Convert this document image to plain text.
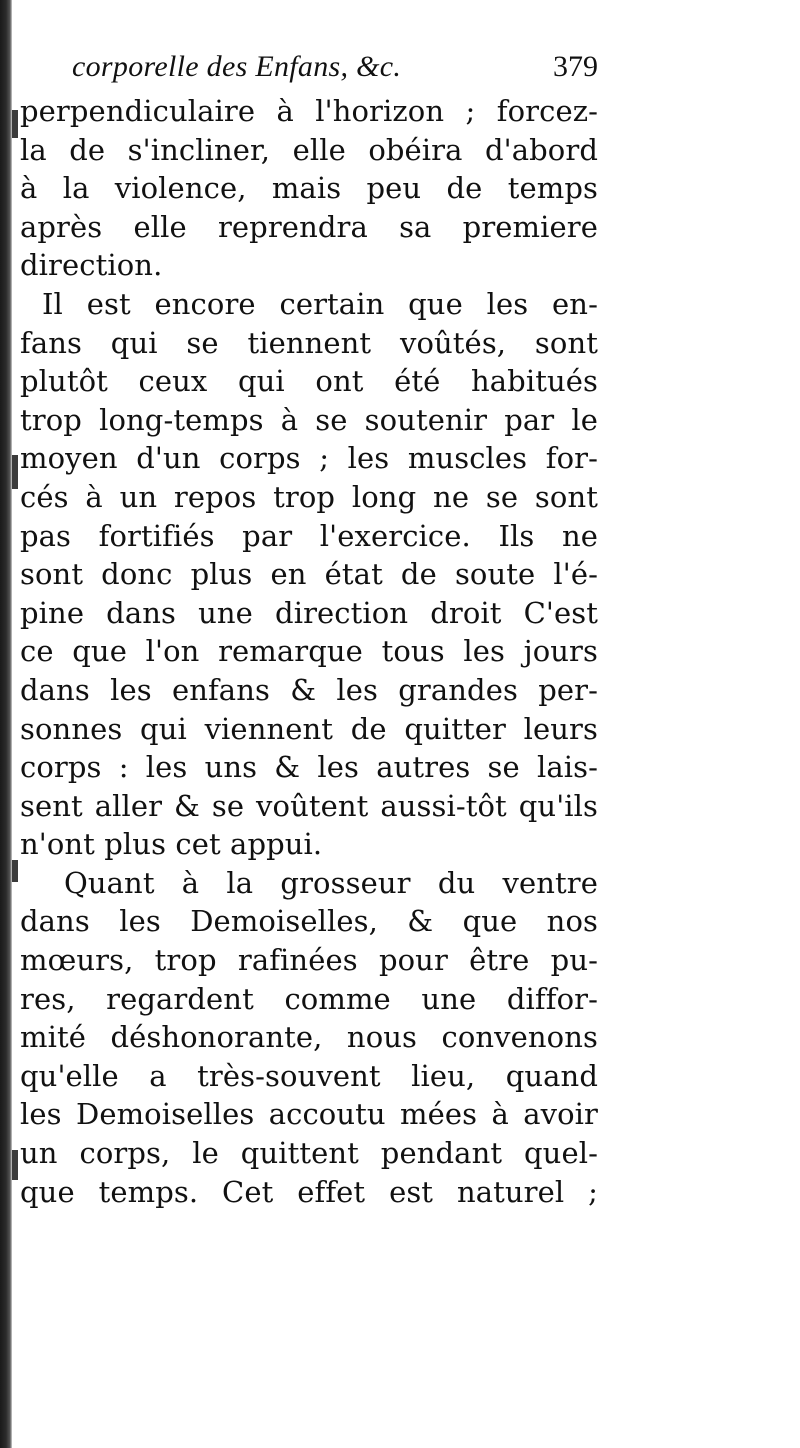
corporelle des Enfans, &c.	379
perpendiculaire à l'horizon ; forcez-
la de s'incliner, elle obéira d'abord
à la violence, mais peu de temps
après elle reprendra sa premiere
direction.
Il est encore certain que les en-
fans qui se tiennent voûtés, sont
plutôt ceux qui ont été habitués
trop long-temps à se soutenir par le
moyen d'un corps ; les muscles for-
cés à un repos trop long ne se sont
pas fortifiés par l'exercice. Ils ne
sont donc plus en état de soute l'é-
pine dans une direction droit C'est
ce que l'on remarque tous les jours
dans les enfans & les grandes per-
sonnes qui viennent de quitter leurs
corps : les uns & les autres se lais-
sent aller & se voûtent aussi-tôt qu'ils
n'ont plus cet appui.
Quant à la grosseur du ventre
dans les Demoiselles, & que nos
mœurs, trop rafinées pour être pu-
res, regardent comme une diffor-
mité déshonorante, nous convenons
qu'elle a très-souvent lieu, quand
les Demoiselles accoutu mées à avoir
un corps, le quittent pendant quel-
que temps. Cet effet est naturel ;
